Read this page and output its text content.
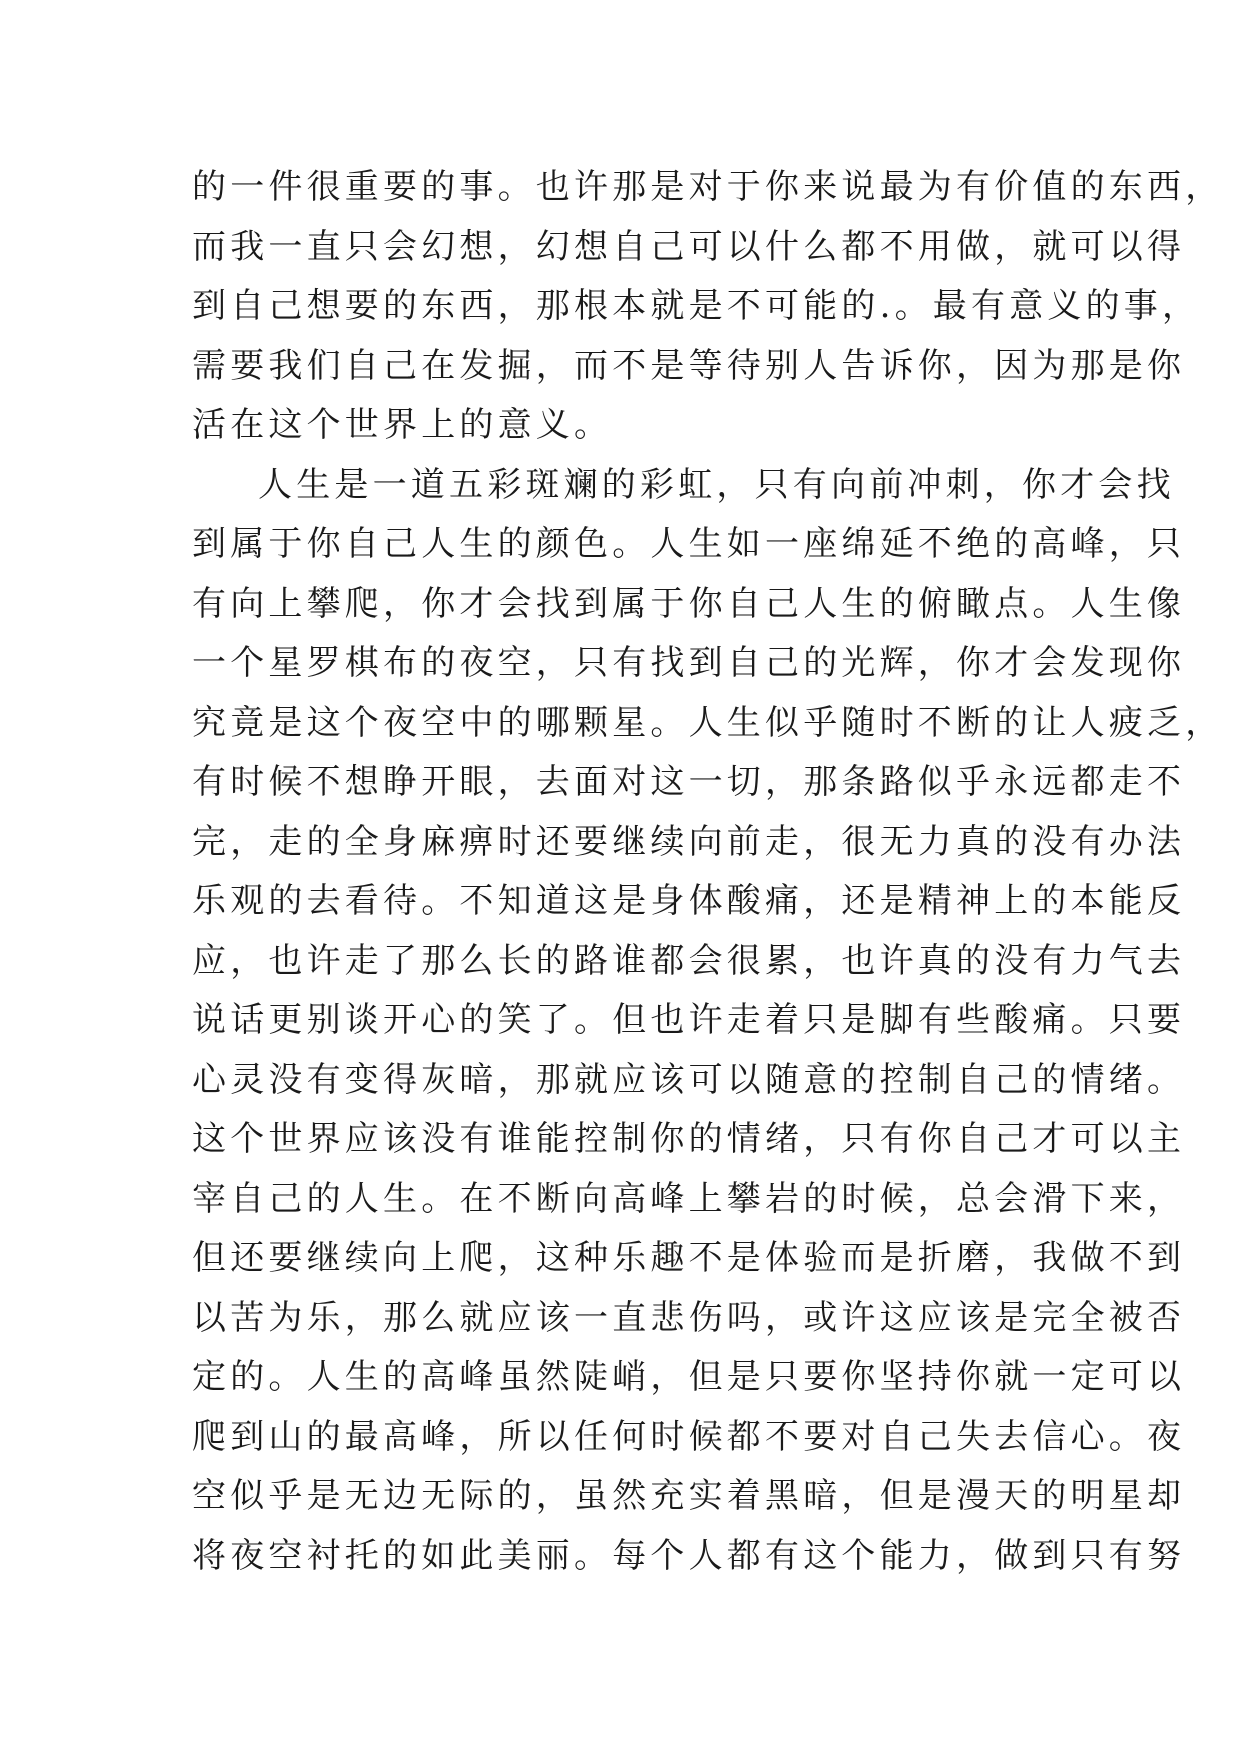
的一件很重要的事。也许那是对于你来说最为有价值的东西，
而我一直只会幻想，幻想自己可以什么都不用做，就可以得
到自己想要的东西，那根本就是不可能的.。最有意义的事，
需要我们自己在发掘，而不是等待别人告诉你，因为那是你
活在这个世界上的意义。
人生是一道五彩斑斓的彩虹，只有向前冲刺，你才会找
到属于你自己人生的颜色。人生如一座绵延不绝的高峰，只
有向上攀爬，你才会找到属于你自己人生的俯瞰点。人生像
一个星罗棋布的夜空，只有找到自己的光辉，你才会发现你
究竟是这个夜空中的哪颗星。人生似乎随时不断的让人疲乏，
有时候不想睁开眼，去面对这一切，那条路似乎永远都走不
完，走的全身麻痹时还要继续向前走，很无力真的没有办法
乐观的去看待。不知道这是身体酸痛，还是精神上的本能反
应，也许走了那么长的路谁都会很累，也许真的没有力气去
说话更别谈开心的笑了。但也许走着只是脚有些酸痛。只要
心灵没有变得灰暗，那就应该可以随意的控制自己的情绪。
这个世界应该没有谁能控制你的情绪，只有你自己才可以主
宰自己的人生。在不断向高峰上攀岩的时候，总会滑下来，
但还要继续向上爬，这种乐趣不是体验而是折磨，我做不到
以苦为乐，那么就应该一直悲伤吗，或许这应该是完全被否
定的。人生的高峰虽然陡峭，但是只要你坚持你就一定可以
爬到山的最高峰，所以任何时候都不要对自己失去信心。夜
空似乎是无边无际的，虽然充实着黑暗，但是漫天的明星却
将夜空衬托的如此美丽。每个人都有这个能力，做到只有努
